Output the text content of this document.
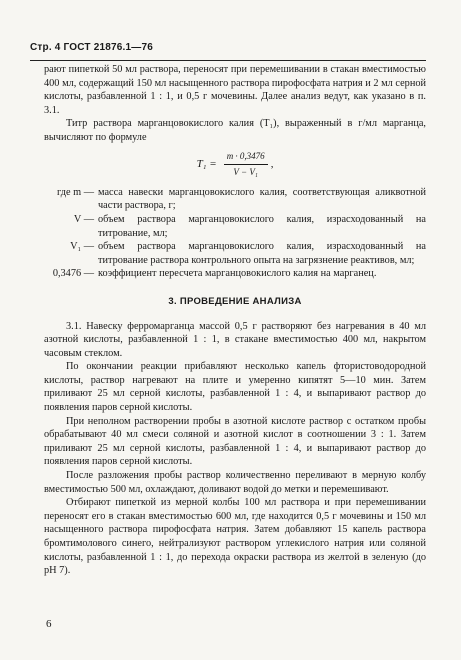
Стр. 4 ГОСТ 21876.1—76

рают пипеткой 50 мл раствора, переносят при перемешивании в стакан вместимостью 400 мл, содержащий 150 мл насыщенного раствора пирофосфата натрия и 2 мл серной кислоты, разбавленной 1 : 1, и 0,5 г мочевины. Далее анализ ведут, как указано в п. 3.1.

Титр раствора марганцовокислого калия (T₁), выраженный в г/мл марганца, вычисляют по формуле

$T_1 = \frac{m \cdot 0,3476}{\text{V − V₁}}$ ,
где m — масса навески марганцовокислого калия, соответствующая аликвотной части раствора, г;
V — объем раствора марганцовокислого калия, израсходованный на титрование, мл;
V₁ — объем раствора марганцовокислого калия, израсходованный на титрование раствора контрольного опыта на загрязнение реактивов, мл;
0,3476 — коэффициент пересчета марганцовокислого калия на марганец.
3. ПРОВЕДЕНИЕ АНАЛИЗА

3.1. Навеску ферромарганца массой 0,5 г растворяют без нагревания в 40 мл азотной кислоты, разбавленной 1 : 1, в стакане вместимостью 400 мл, накрытом часовым стеклом.

По окончании реакции прибавляют несколько капель фтористоводородной кислоты, раствор нагревают на плите и умеренно кипятят 5—10 мин. Затем приливают 25 мл серной кислоты, разбавленной 1 : 4, и выпаривают раствор до появления паров серной кислоты.

При неполном растворении пробы в азотной кислоте раствор с остатком пробы обрабатывают 40 мл смеси соляной и азотной кислот в соотношении 3 : 1. Затем приливают 25 мл серной кислоты, разбавленной 1 : 4, и выпаривают раствор до появления паров серной кислоты.

После разложения пробы раствор количественно переливают в мерную колбу вместимостью 500 мл, охлаждают, доливают водой до метки и перемешивают.

Отбирают пипеткой из мерной колбы 100 мл раствора и при перемешивании переносят его в стакан вместимостью 600 мл, где находится 0,5 г мочевины и 150 мл насыщенного раствора пирофосфата натрия. Затем добавляют 15 капель раствора бромтимолового синего, нейтрализуют раствором углекислого натрия или соляной кислоты, разбавленной 1 : 1, до перехода окраски раствора из желтой в зеленую (до pH 7).

6
